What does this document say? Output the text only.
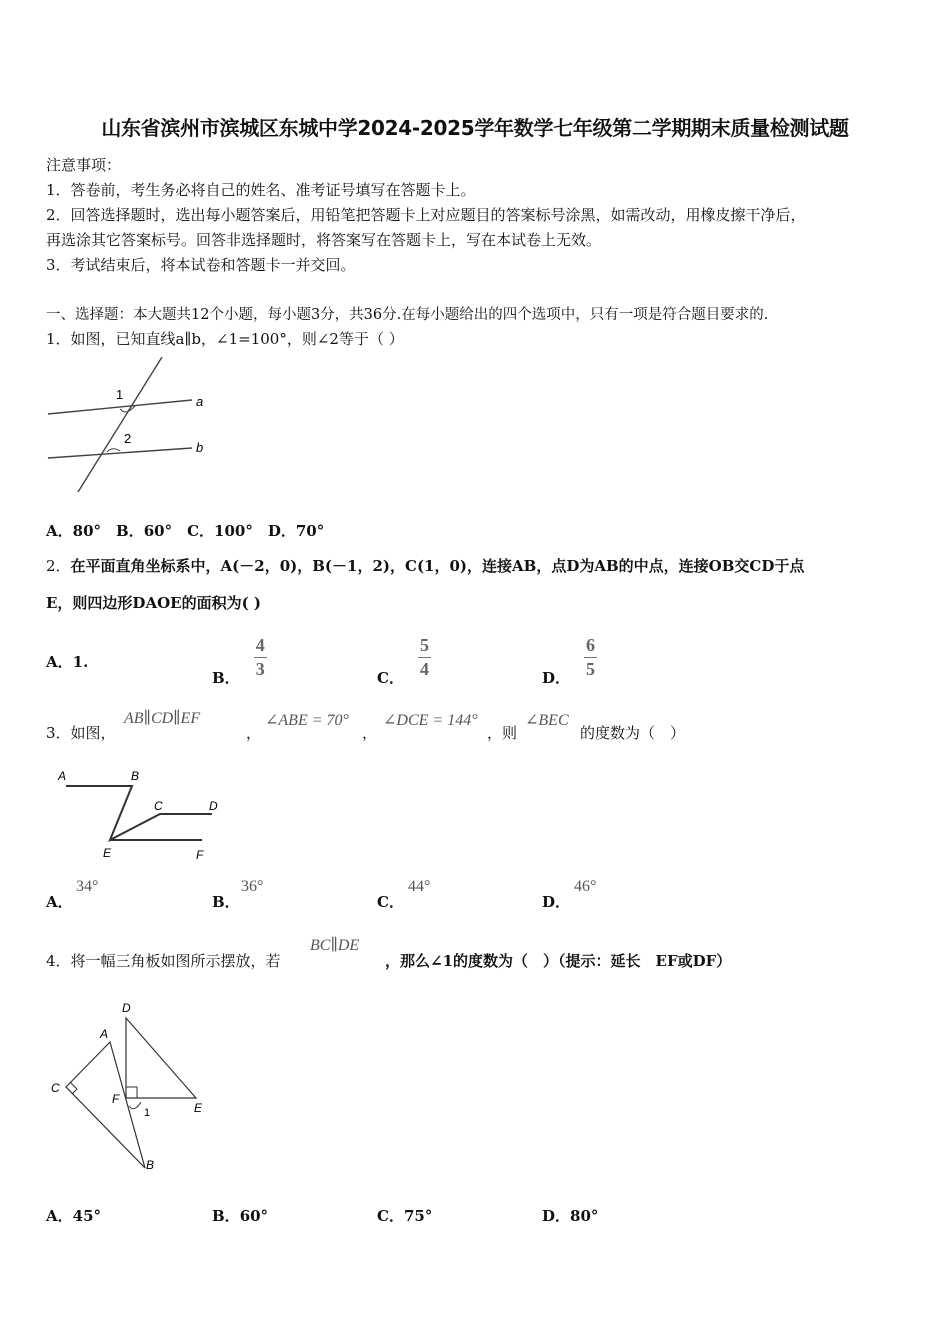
山东省滨州市滨城区东城中学2024-2025学年数学七年级第二学期期末质量检测试题
注意事项：
1．答卷前，考生务必将自己的姓名、准考证号填写在答题卡上。
2．回答选择题时，选出每小题答案后，用铅笔把答题卡上对应题目的答案标号涂黑，如需改动，用橡皮擦干净后，
再选涂其它答案标号。回答非选择题时，将答案写在答题卡上，写在本试卷上无效。
3．考试结束后，将本试卷和答题卡一并交回。
一、选择题：本大题共12个小题，每小题3分，共36分.在每小题给出的四个选项中，只有一项是符合题目要求的.
1．如图，已知直线a∥b，∠1=100°，则∠2等于（ ）
1
2
a
b
A．80°　B．60°　C．100°　D．70°
2．在平面直角坐标系中，A(－2，0)，B(－1，2)，C(1，0)，连接AB，点D为AB的中点，连接OB交CD于点
E，则四边形DAOE的面积为( )
A．1.
B． $\frac{4}{3}$	C． $\frac{5}{4}$	D． $\frac{6}{5}$
3．如图，
AB∥CD∥EF
，
∠ABE = 70°
，
∠DCE = 144°
，则
∠BEC
的度数为（　）
A	B
C	D
E	F
A．
34°
B．
36°
C．
44°
D．
46°
4．将一幅三角板如图所示摆放，若
BC∥DE
，那么∠1的度数为（　）（提示：延长　EF或DF）
D
A
C
F
E
1
B
A．45°	B．60°	C．75°	D．80°
